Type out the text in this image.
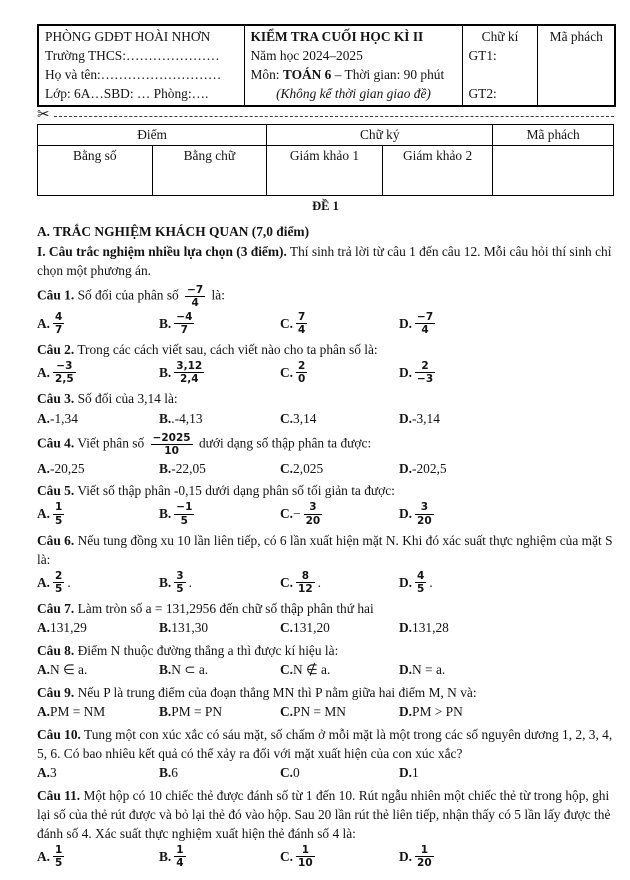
PHÒNG GDĐT HOÀI NHƠN
Trường THCS:…………………
Họ và tên:………………………
Lớp: 6A…SBD: … Phòng:….

KIỂM TRA CUỐI HỌC KÌ II
Năm học 2024–2025
Môn: TOÁN 6 – Thời gian: 90 phút
(Không kể thời gian giao đề)

Chữ kí
GT1:

GT2:

Mã phách
✂
Điểm		Chữ ký		Mã phách
Bằng số	Bằng chữ	Giám khảo 1	Giám khảo 2	
ĐỀ 1
A. TRẮC NGHIỆM KHÁCH QUAN (7,0 điểm)
I. Câu trắc nghiệm nhiều lựa chọn (3 điểm). Thí sinh trả lời từ câu 1 đến câu 12. Mỗi câu hỏi thí sinh chỉ chọn một phương án.
Câu 1. Số đối của phân số $\frac{-7}{4}$ là:
A. $\frac{4}{7}$	B. $\frac{-4}{7}$	C. $\frac{7}{4}$	D. $\frac{-7}{4}$
Câu 2. Trong các cách viết sau, cách viết nào cho ta phân số là:
A. $\frac{-3}{2,5}$	B. $\frac{3,12}{2,4}$	C. $\frac{2}{0}$	D. $\frac{2}{-3}$
Câu 3. Số đối của 3,14 là:
A. -1,34	B. .-4,13	C. 3,14	D. -3,14
Câu 4. Viết phân số $\frac{-2025}{10}$ dưới dạng số thập phân ta được:
A. -20,25	B. -22,05	C. 2,025	D. -202,5
Câu 5. Viết số thập phân -0,15 dưới dạng phân số tối giản ta được:
A. $\frac{1}{5}$	B. $\frac{-1}{5}$	C. − $\frac{3}{20}$	D. $\frac{3}{20}$
Câu 6. Nếu tung đồng xu 10 lần liên tiếp, có 6 lần xuất hiện mặt N. Khi đó xác suất thực nghiệm của mặt S là:
A. $\frac{2}{5}$ .	B. $\frac{3}{5}$ .	C. $\frac{8}{12}$ .	D. $\frac{4}{5}$ .
Câu 7. Làm tròn số a = 131,2956 đến chữ số thập phân thứ hai
A. 131,29	B. 131,30	C. 131,20	D. 131,28
Câu 8. Điểm N thuộc đường thẳng a thì được kí hiệu là:
A. N ∈ a.	B. N ⊂ a.	C. N ∉ a.	D. N = a.
Câu 9. Nếu P là trung điểm của đoạn thẳng MN thì P nằm giữa hai điểm M, N và:
A. PM = NM	B. PM = PN	C. PN = MN	D. PM > PN
Câu 10. Tung một con xúc xắc có sáu mặt, số chấm ở mỗi mặt là một trong các số nguyên dương 1, 2, 3, 4, 5, 6. Có bao nhiêu kết quả có thể xảy ra đối với mặt xuất hiện của con xúc xắc?
A. 3	B. 6	C. 0	D. 1
Câu 11. Một hộp có 10 chiếc thẻ được đánh số từ 1 đến 10. Rút ngẫu nhiên một chiếc thẻ từ trong hộp, ghi lại số của thẻ rút được và bỏ lại thẻ đó vào hộp. Sau 20 lần rút thẻ liên tiếp, nhận thấy có 5 lần lấy được thẻ đánh số 4. Xác suất thực nghiệm xuất hiện thẻ đánh số 4 là:
A. $\frac{1}{5}$	B. $\frac{1}{4}$	C. $\frac{1}{10}$	D. $\frac{1}{20}$
